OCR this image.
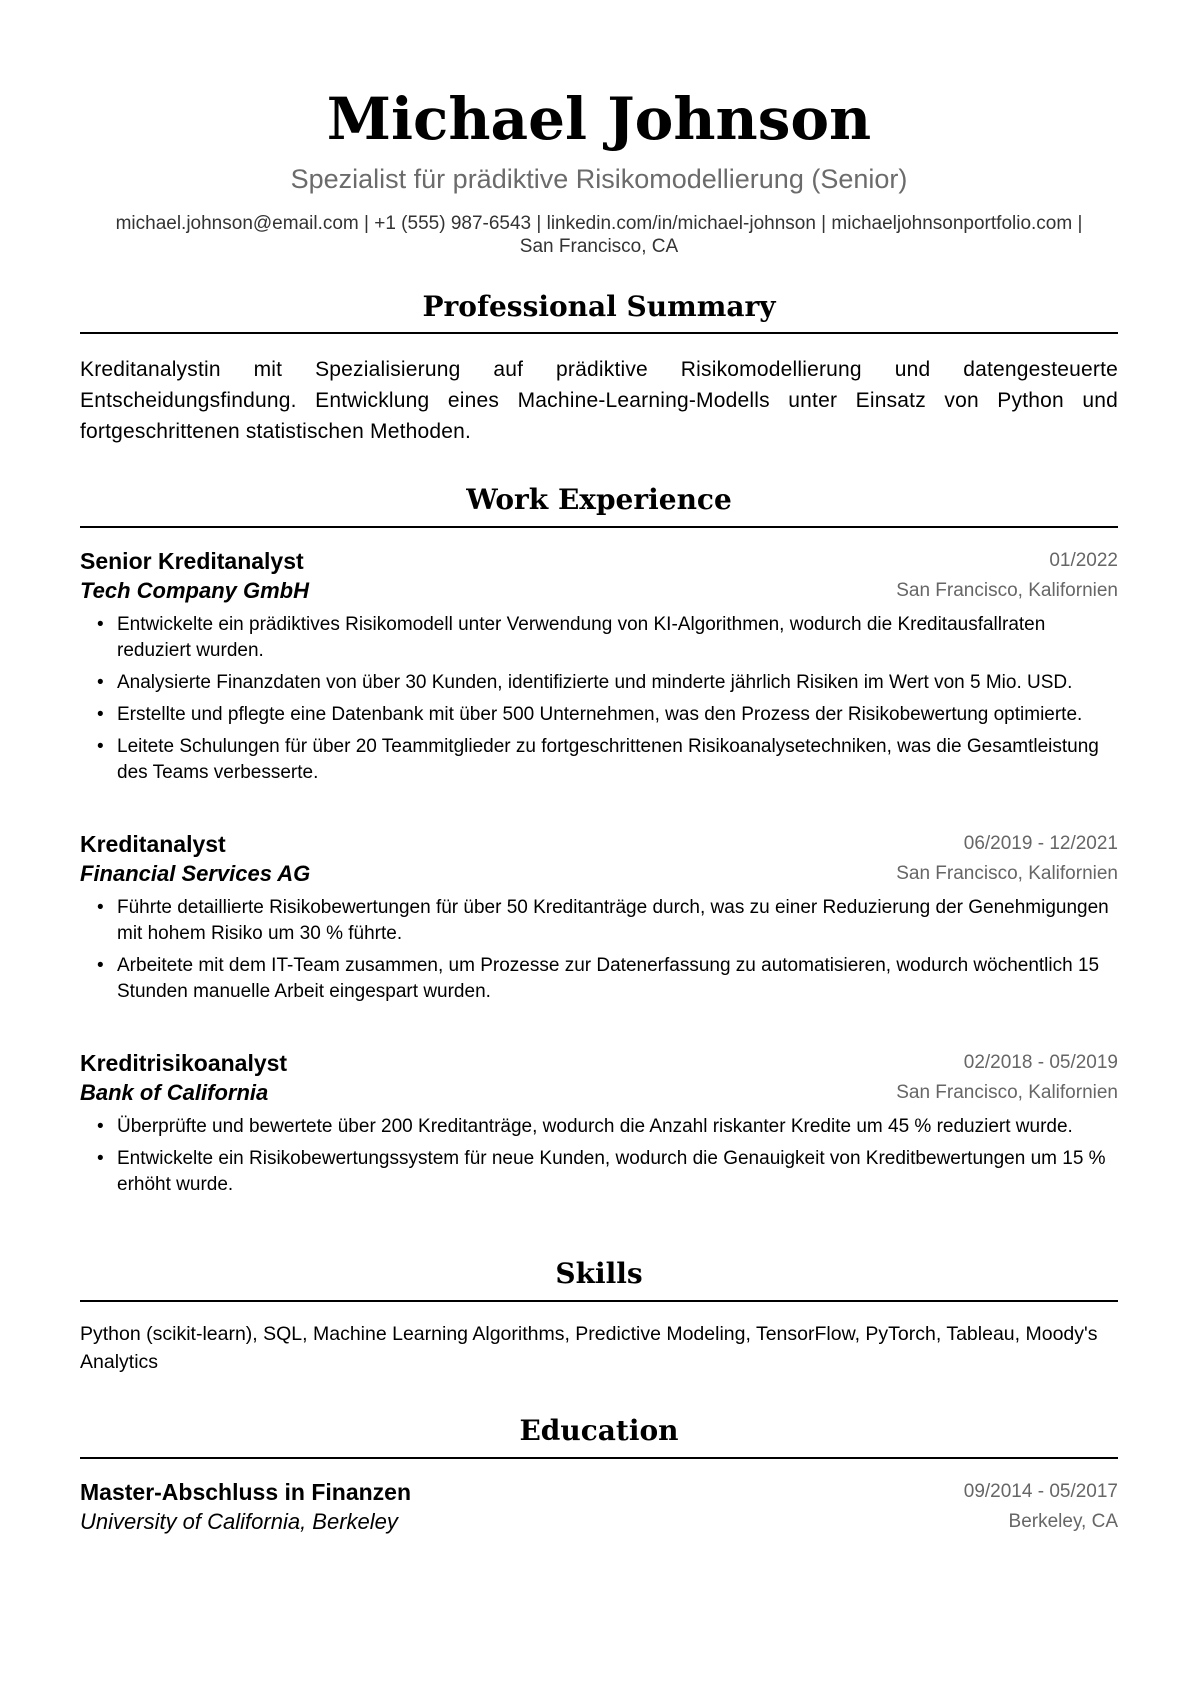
Michael Johnson
Spezialist für prädiktive Risikomodellierung (Senior)
michael.johnson@email.com | +1 (555) 987-6543 | linkedin.com/in/michael-johnson | michaeljohnsonportfolio.com |
San Francisco, CA
Professional Summary
Kreditanalystin mit Spezialisierung auf prädiktive Risikomodellierung und datengesteuerte Entscheidungsfindung. Entwicklung eines Machine-Learning-Modells unter Einsatz von Python und fortgeschrittenen statistischen Methoden.
Work Experience
Senior Kreditanalyst	01/2022
Tech Company GmbH	San Francisco, Kalifornien
• Entwickelte ein prädiktives Risikomodell unter Verwendung von KI-Algorithmen, wodurch die Kreditausfallraten reduziert wurden.
• Analysierte Finanzdaten von über 30 Kunden, identifizierte und minderte jährlich Risiken im Wert von 5 Mio. USD.
• Erstellte und pflegte eine Datenbank mit über 500 Unternehmen, was den Prozess der Risikobewertung optimierte.
• Leitete Schulungen für über 20 Teammitglieder zu fortgeschrittenen Risikoanalysetechniken, was die Gesamtleistung des Teams verbesserte.
Kreditanalyst	06/2019 - 12/2021
Financial Services AG	San Francisco, Kalifornien
• Führte detaillierte Risikobewertungen für über 50 Kreditanträge durch, was zu einer Reduzierung der Genehmigungen mit hohem Risiko um 30 % führte.
• Arbeitete mit dem IT-Team zusammen, um Prozesse zur Datenerfassung zu automatisieren, wodurch wöchentlich 15 Stunden manuelle Arbeit eingespart wurden.
Kreditrisikoanalyst	02/2018 - 05/2019
Bank of California	San Francisco, Kalifornien
• Überprüfte und bewertete über 200 Kreditanträge, wodurch die Anzahl riskanter Kredite um 45 % reduziert wurde.
• Entwickelte ein Risikobewertungssystem für neue Kunden, wodurch die Genauigkeit von Kreditbewertungen um 15 % erhöht wurde.
Skills
Python (scikit-learn), SQL, Machine Learning Algorithms, Predictive Modeling, TensorFlow, PyTorch, Tableau, Moody's Analytics
Education
Master-Abschluss in Finanzen	09/2014 - 05/2017
University of California, Berkeley	Berkeley, CA
